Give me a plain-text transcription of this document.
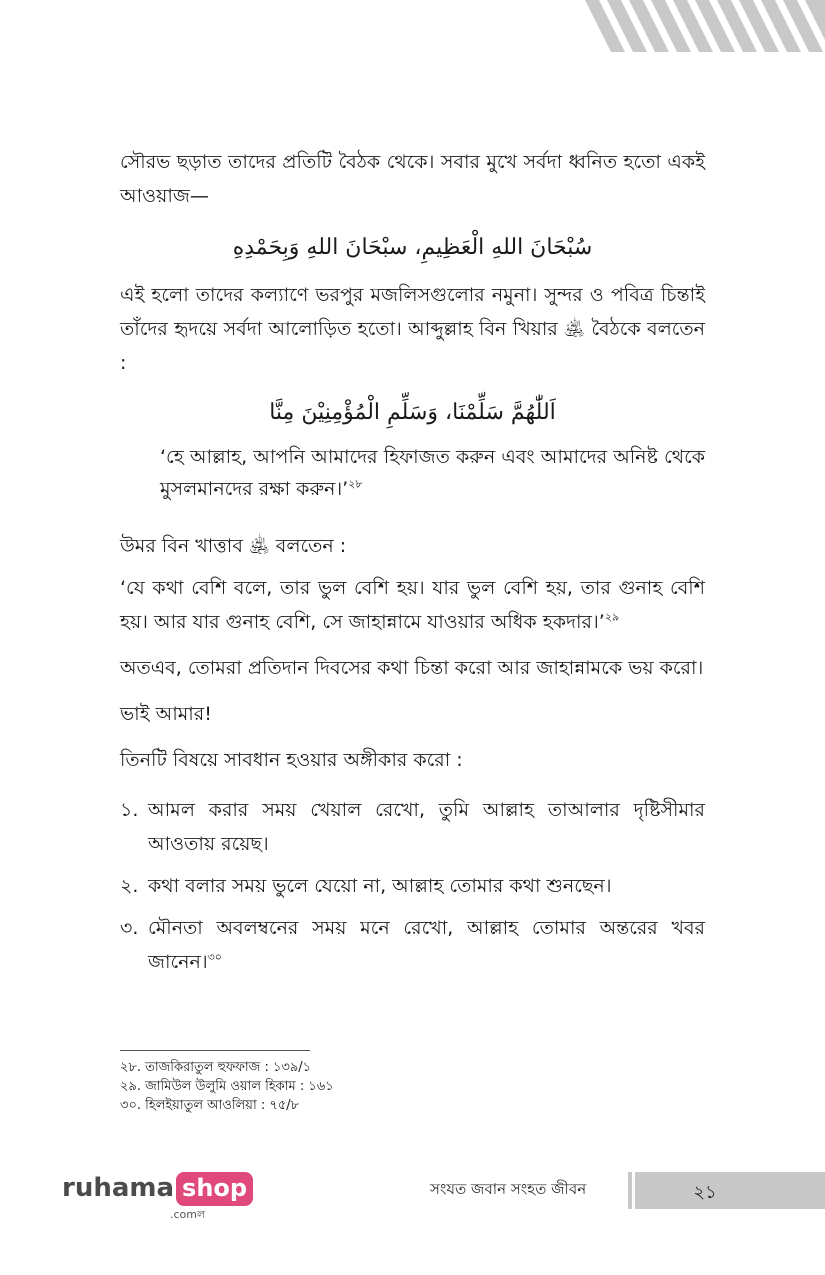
সৌরভ ছড়াত তাদের প্রতিটি বৈঠক থেকে। সবার মুখে সর্বদা ধ্বনিত হতো একই আওয়াজ—

سُبْحَانَ اللهِ الْعَظِيمِ، سبْحَانَ اللهِ وَبِحَمْدِهِ

এই হলো তাদের কল্যাণে ভরপুর মজলিসগুলোর নমুনা। সুন্দর ও পবিত্র চিন্তাই তাঁদের হৃদয়ে সর্বদা আলোড়িত হতো। আব্দুল্লাহ বিন খিয়ার ﵁ বৈঠকে বলতেন :

اَللّٰهُمَّ سَلِّمْنَا، وَسَلِّمِ الْمُؤْمِنِيْنَ مِنَّا

‘হে আল্লাহ, আপনি আমাদের হিফাজত করুন এবং আমাদের অনিষ্ট থেকে মুসলমানদের রক্ষা করুন।’$^{২৮}$

উমর বিন খাত্তাব ﵁ বলতেন :

‘যে কথা বেশি বলে, তার ভুল বেশি হয়। যার ভুল বেশি হয়, তার গুনাহ বেশি হয়। আর যার গুনাহ বেশি, সে জাহান্নামে যাওয়ার অধিক হকদার।’$^{২৯}$

অতএব, তোমরা প্রতিদান দিবসের কথা চিন্তা করো আর জাহান্নামকে ভয় করো।

ভাই আমার!

তিনটি বিষয়ে সাবধান হওয়ার অঙ্গীকার করো :

১. আমল করার সময় খেয়াল রেখো, তুমি আল্লাহ তাআলার দৃষ্টিসীমার আওতায় রয়েছ।
২. কথা বলার সময় ভুলে যেয়ো না, আল্লাহ তোমার কথা শুনছেন।
৩. মৌনতা অবলম্বনের সময় মনে রেখো, আল্লাহ তোমার অন্তরের খবর জানেন।$^{৩০}$
২৮. তাজকিরাতুল হুফফাজ : ১৩৯/১
২৯. জামিউল উলুমি ওয়াল হিকাম : ১৬১
৩০. হিলইয়াতুল আওলিয়া : ৭৫/৮
ruhama shop
.comল
সংযত জবান সংহত জীবন	২১
